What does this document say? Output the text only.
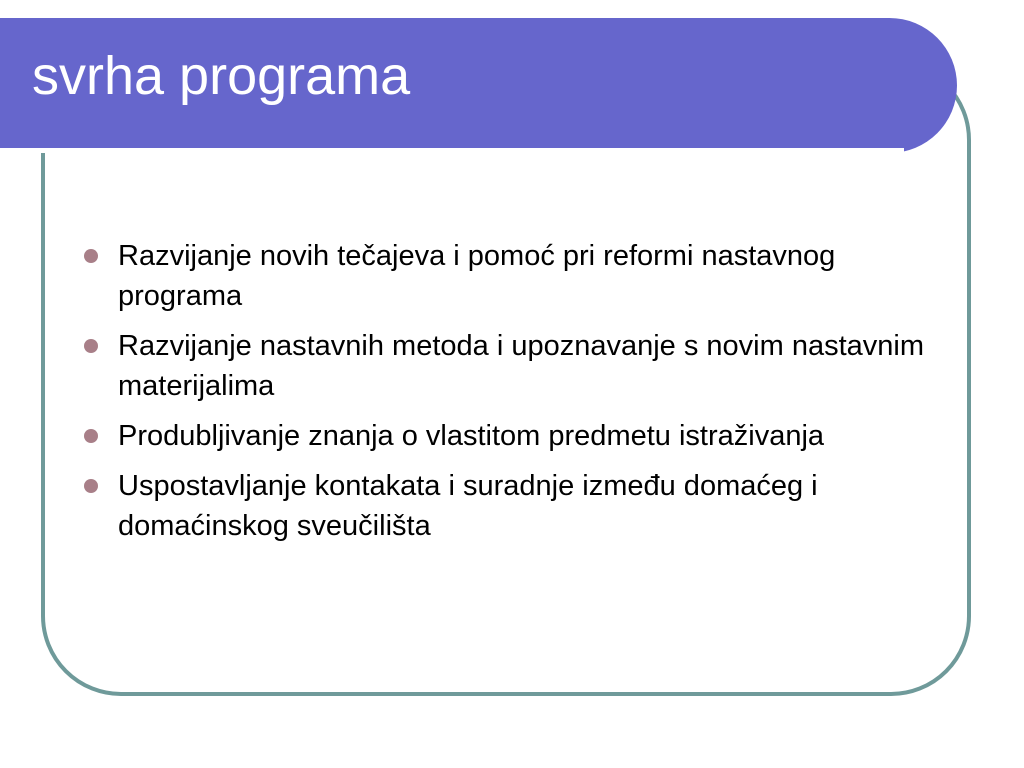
svrha programa
Razvijanje novih tečajeva i pomoć pri reformi nastavnog programa
Razvijanje nastavnih metoda i upoznavanje s novim nastavnim materijalima
Produbljivanje znanja o vlastitom predmetu istraživanja
Uspostavljanje kontakata i suradnje između domaćeg i domaćinskog sveučilišta
